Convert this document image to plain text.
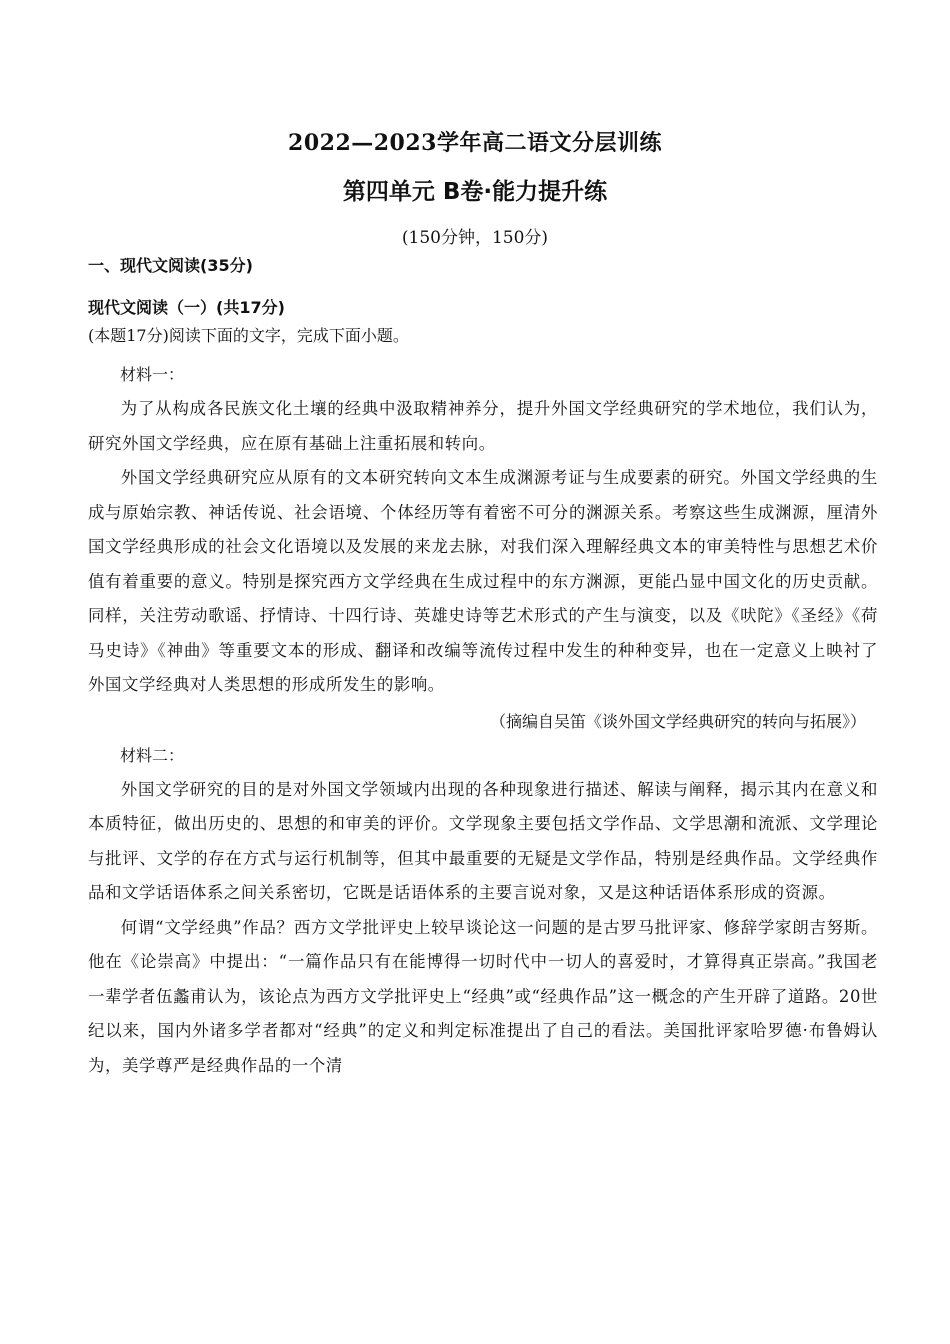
2022—2023学年高二语文分层训练
第四单元 B卷·能力提升练
(150分钟，150分)

一、现代文阅读(35分)

现代文阅读（一）(共17分)

(本题17分)阅读下面的文字，完成下面小题。

材料一：

为了从构成各民族文化土壤的经典中汲取精神养分，提升外国文学经典研究的学术地位，我们认为，研究外国文学经典，应在原有基础上注重拓展和转向。

外国文学经典研究应从原有的文本研究转向文本生成渊源考证与生成要素的研究。外国文学经典的生成与原始宗教、神话传说、社会语境、个体经历等有着密不可分的渊源关系。考察这些生成渊源，厘清外国文学经典形成的社会文化语境以及发展的来龙去脉，对我们深入理解经典文本的审美特性与思想艺术价值有着重要的意义。特别是探究西方文学经典在生成过程中的东方渊源，更能凸显中国文化的历史贡献。同样，关注劳动歌谣、抒情诗、十四行诗、英雄史诗等艺术形式的产生与演变，以及《吠陀》《圣经》《荷马史诗》《神曲》等重要文本的形成、翻译和改编等流传过程中发生的种种变异，也在一定意义上映衬了外国文学经典对人类思想的形成所发生的影响。

（摘编自吴笛《谈外国文学经典研究的转向与拓展》）

材料二：

外国文学研究的目的是对外国文学领域内出现的各种现象进行描述、解读与阐释，揭示其内在意义和本质特征，做出历史的、思想的和审美的评价。文学现象主要包括文学作品、文学思潮和流派、文学理论与批评、文学的存在方式与运行机制等，但其中最重要的无疑是文学作品，特别是经典作品。文学经典作品和文学话语体系之间关系密切，它既是话语体系的主要言说对象，又是这种话语体系形成的资源。

何谓“文学经典”作品？西方文学批评史上较早谈论这一问题的是古罗马批评家、修辞学家朗吉努斯。他在《论崇高》中提出：“一篇作品只有在能博得一切时代中一切人的喜爱时，才算得真正崇高。”我国老一辈学者伍蠡甫认为，该论点为西方文学批评史上“经典”或“经典作品”这一概念的产生开辟了道路。20世纪以来，国内外诸多学者都对“经典”的定义和判定标准提出了自己的看法。美国批评家哈罗德·布鲁姆认为，美学尊严是经典作品的一个清
